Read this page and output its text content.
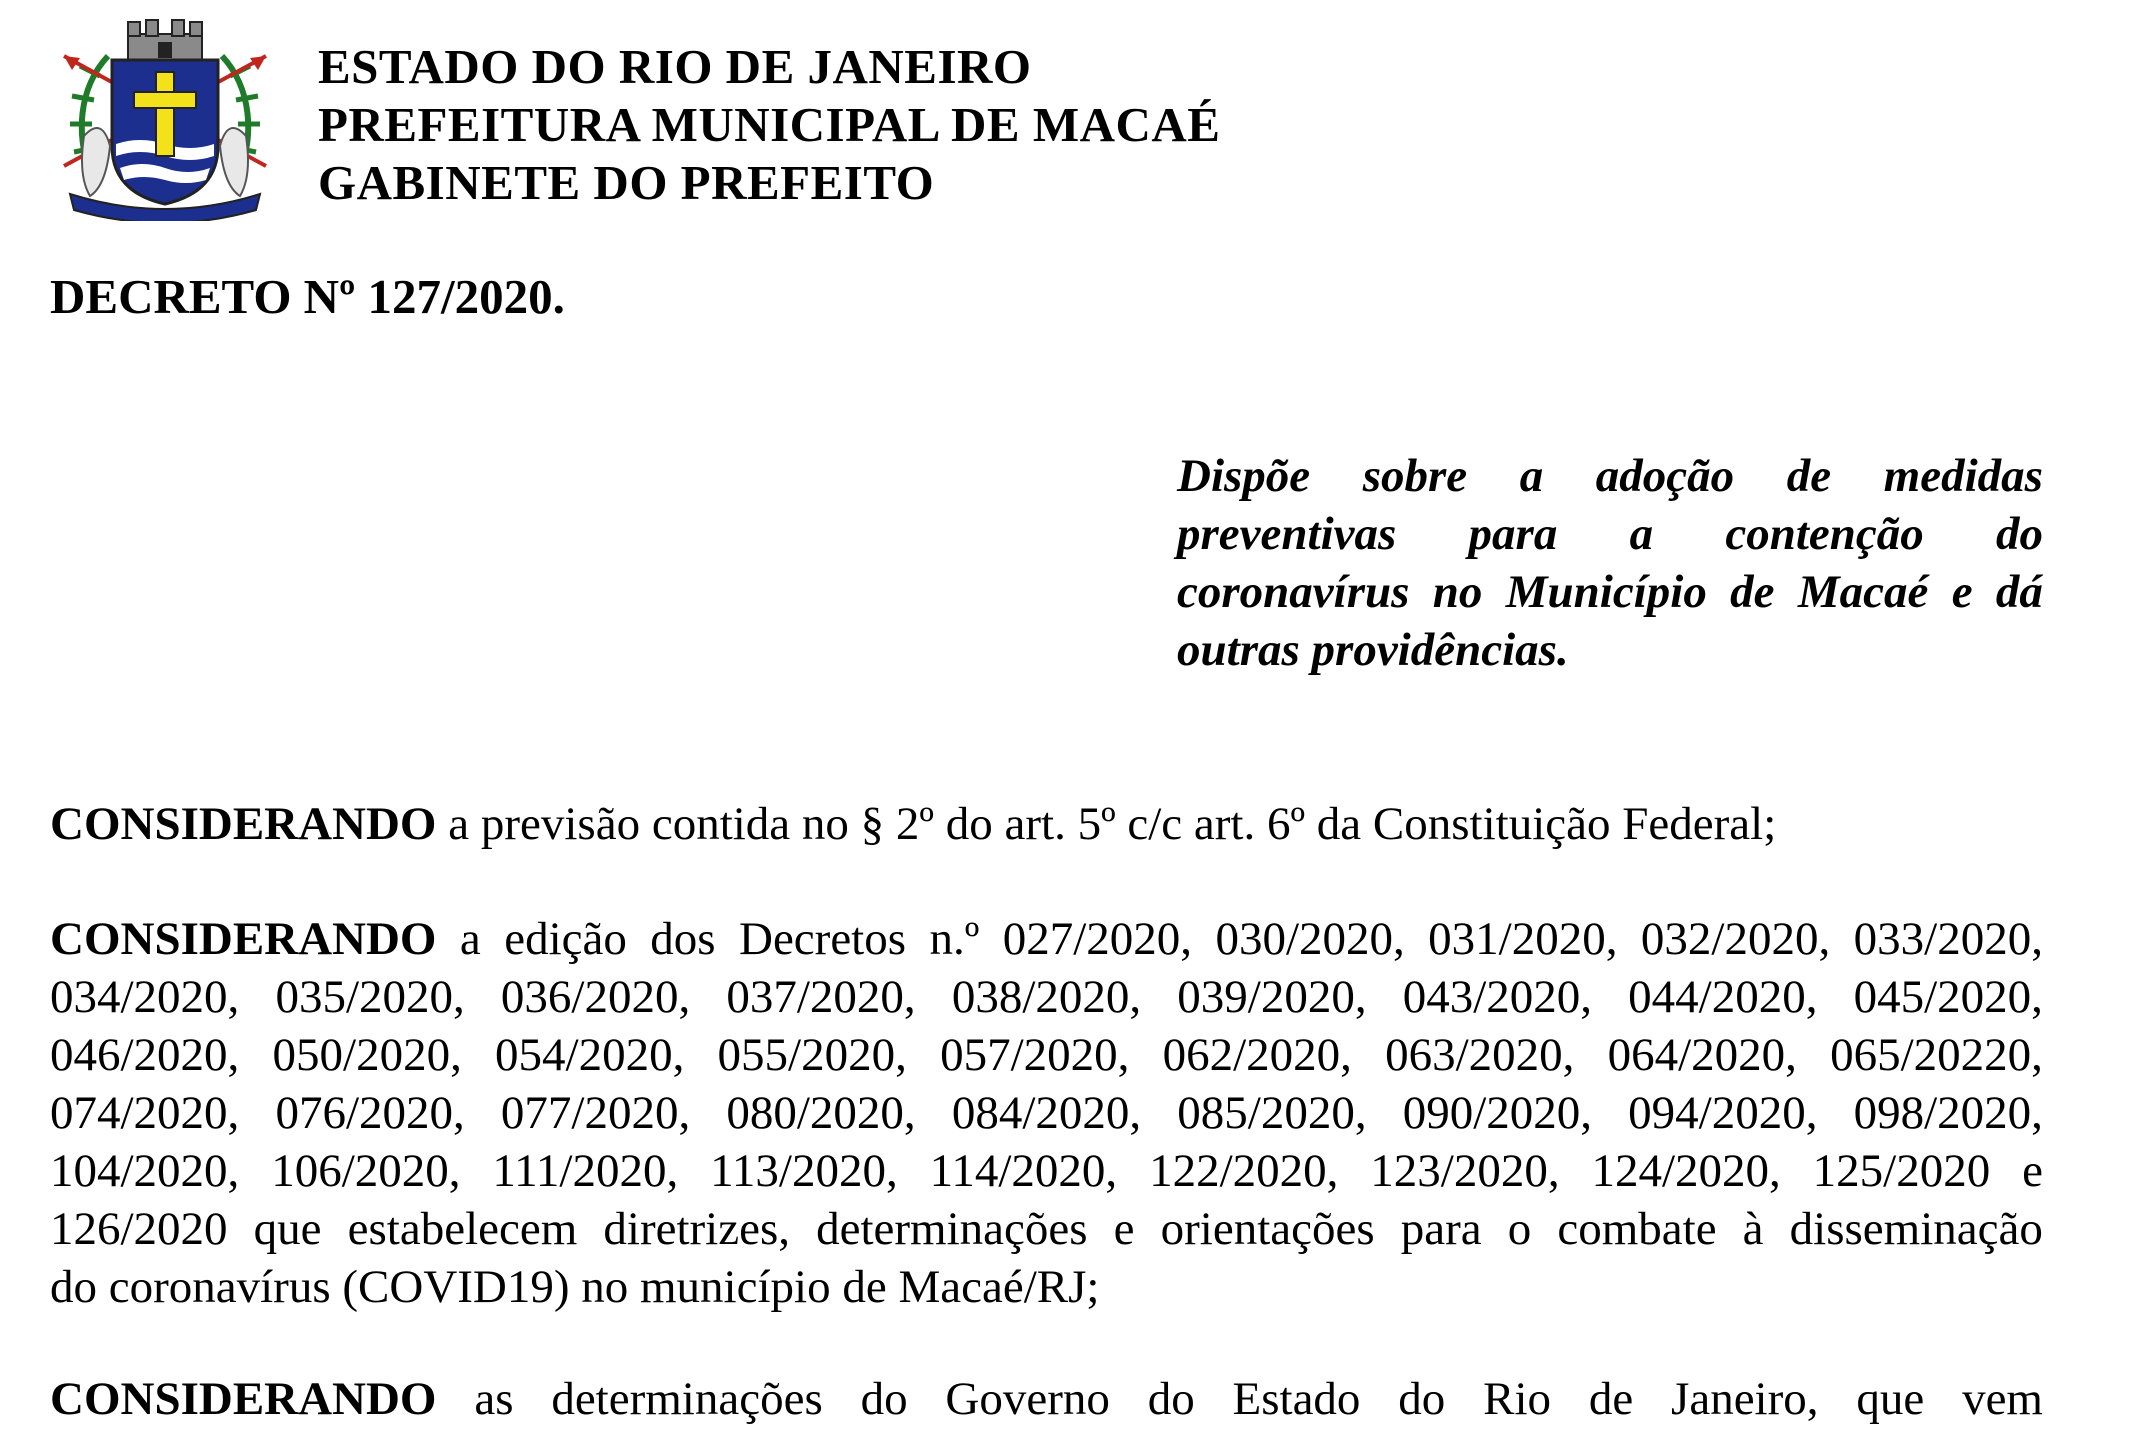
ESTADO DO RIO DE JANEIRO
PREFEITURA MUNICIPAL DE MACAÉ
GABINETE DO PREFEITO
DECRETO Nº 127/2020.
Dispõe sobre a adoção de medidas
preventivas para a contenção do
coronavírus no Município de Macaé e dá
outras providências.
CONSIDERANDO a previsão contida no § 2º do art. 5º c/c art. 6º da Constituição Federal;
CONSIDERANDO a edição dos Decretos n.º 027/2020, 030/2020, 031/2020, 032/2020, 033/2020,
034/2020, 035/2020, 036/2020, 037/2020, 038/2020, 039/2020, 043/2020, 044/2020, 045/2020,
046/2020, 050/2020, 054/2020, 055/2020, 057/2020, 062/2020, 063/2020, 064/2020, 065/20220,
074/2020, 076/2020, 077/2020, 080/2020, 084/2020, 085/2020, 090/2020, 094/2020, 098/2020,
104/2020, 106/2020, 111/2020, 113/2020, 114/2020, 122/2020, 123/2020, 124/2020, 125/2020 e
126/2020 que estabelecem diretrizes, determinações e orientações para o combate à disseminação
do coronavírus (COVID19) no município de Macaé/RJ;
CONSIDERANDO as determinações do Governo do Estado do Rio de Janeiro, que vem
